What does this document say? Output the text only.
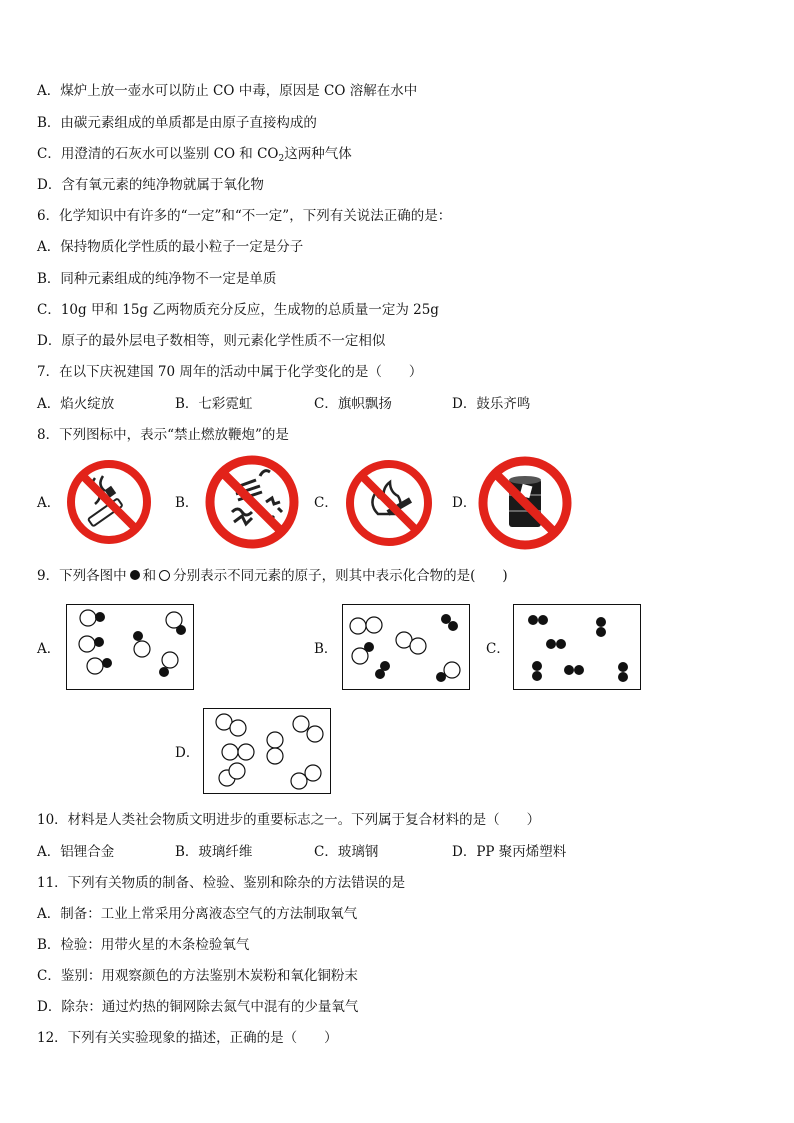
A．煤炉上放一壶水可以防止 CO 中毒，原因是 CO 溶解在水中
B．由碳元素组成的单质都是由原子直接构成的
C．用澄清的石灰水可以鉴别 CO 和 $CO_2$这两种气体
D．含有氧元素的纯净物就属于氧化物
6．化学知识中有许多的“一定”和“不一定”，下列有关说法正确的是：
A．保持物质化学性质的最小粒子一定是分子
B．同种元素组成的纯净物不一定是单质
C．10g 甲和 15g 乙两物质充分反应，生成物的总质量一定为 25g
D．原子的最外层电子数相等，则元素化学性质不一定相似
7．在以下庆祝建国 70 周年的活动中属于化学变化的是（　　）
A．焰火绽放	B．七彩霓虹	C．旗帜飘扬	D．鼓乐齐鸣
8．下列图标中，表示“禁止燃放鞭炮”的是
A．	B．	C．	D．
9．下列各图中 和 分别表示不同元素的原子，则其中表示化合物的是(　　)
A．	B．	C．
D．
10．材料是人类社会物质文明进步的重要标志之一。下列属于复合材料的是（　　）
A．铝锂合金	B．玻璃纤维	C．玻璃钢	D．PP 聚丙烯塑料
11．下列有关物质的制备、检验、鉴别和除杂的方法错误的是
A．制备：工业上常采用分离液态空气的方法制取氧气
B．检验：用带火星的木条检验氧气
C．鉴别：用观察颜色的方法鉴别木炭粉和氧化铜粉末
D．除杂：通过灼热的铜网除去氮气中混有的少量氧气
12．下列有关实验现象的描述，正确的是（　　）
